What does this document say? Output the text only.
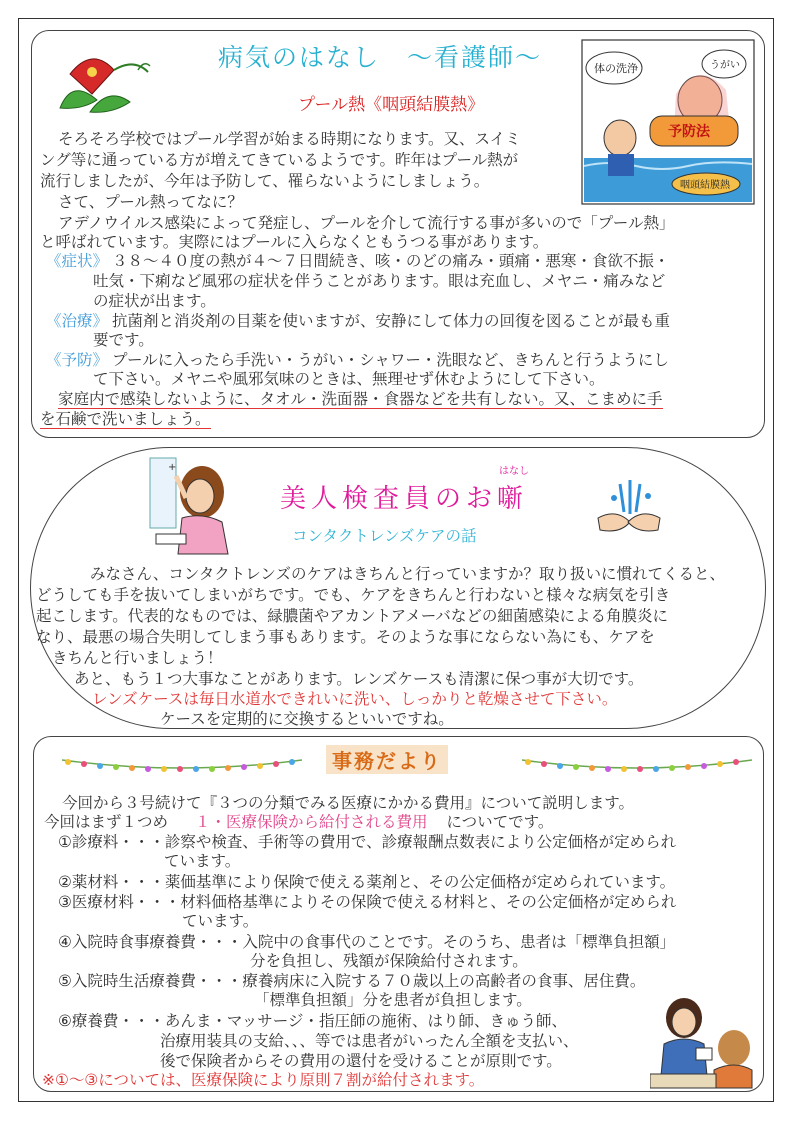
病気のはなし　～看護師～
プール熱《咽頭結膜熱》
体の洗浄	うがい
予防法
咽頭結膜熱
そろそろ学校ではプール学習が始まる時期になります。又、スイミ
ング等に通っている方が増えてきているようです。昨年はプール熱が
流行しましたが、今年は予防して、罹らないようにしましょう。
さて、プール熱ってなに？
アデノウイルス感染によって発症し、プールを介して流行する事が多いので「プール熱」
と呼ばれています。実際にはプールに入らなくともうつる事があります。
《症状》 ３８～４０度の熱が４～７日間続き、咳・のどの痛み・頭痛・悪寒・食欲不振・
吐気・下痢など風邪の症状を伴うことがあります。眼は充血し、メヤニ・痛みなど
の症状が出ます。
《治療》 抗菌剤と消炎剤の目薬を使いますが、安静にして体力の回復を図ることが最も重
要です。
《予防》 プールに入ったら手洗い・うがい・シャワー・洗眼など、きちんと行うようにし
て下さい。メヤニや風邪気味のときは、無理せず休むようにして下さい。
家庭内で感染しないように、タオル・洗面器・食器などを共有しない。又、こまめに手
を石鹸で洗いましょう。
+
美人検査員のお噺
はなし
コンタクトレンズケアの話
みなさん、コンタクトレンズのケアはきちんと行っていますか？取り扱いに慣れてくると、
どうしても手を抜いてしまいがちです。でも、ケアをきちんと行わないと様々な病気を引き
起こします。代表的なものでは、緑膿菌やアカントアメーバなどの細菌感染による角膜炎に
なり、最悪の場合失明してしまう事もあります。そのような事にならない為にも、ケアを
きちんと行いましょう！
あと、もう１つ大事なことがあります。レンズケースも清潔に保つ事が大切です。
レンズケースは毎日水道水できれいに洗い、しっかりと乾燥させて下さい。
ケースを定期的に交換するといいですね。
事務だより
今回から３号続けて『３つの分類でみる医療にかかる費用』について説明します。
今回はまず１つめ １・医療保険から給付される費用 についてです。
①診療料・・・診察や検査、手術等の費用で、診療報酬点数表により公定価格が定められ
ています。
②薬材料・・・薬価基準により保険で使える薬剤と、その公定価格が定められています。
③医療材料・・・材料価格基準によりその保険で使える材料と、その公定価格が定められ
ています。
④入院時食事療養費・・・入院中の食事代のことです。そのうち、患者は「標準負担額」
分を負担し、残額が保険給付されます。
⑤入院時生活療養費・・・療養病床に入院する７０歳以上の高齢者の食事、居住費。
「標準負担額」分を患者が負担します。
⑥療養費・・・あんま・マッサージ・指圧師の施術、はり師、きゅう師、
治療用装具の支給、、、等では患者がいったん全額を支払い、
後で保険者からその費用の還付を受けることが原則です。
※①～③については、医療保険により原則７割が給付されます。
